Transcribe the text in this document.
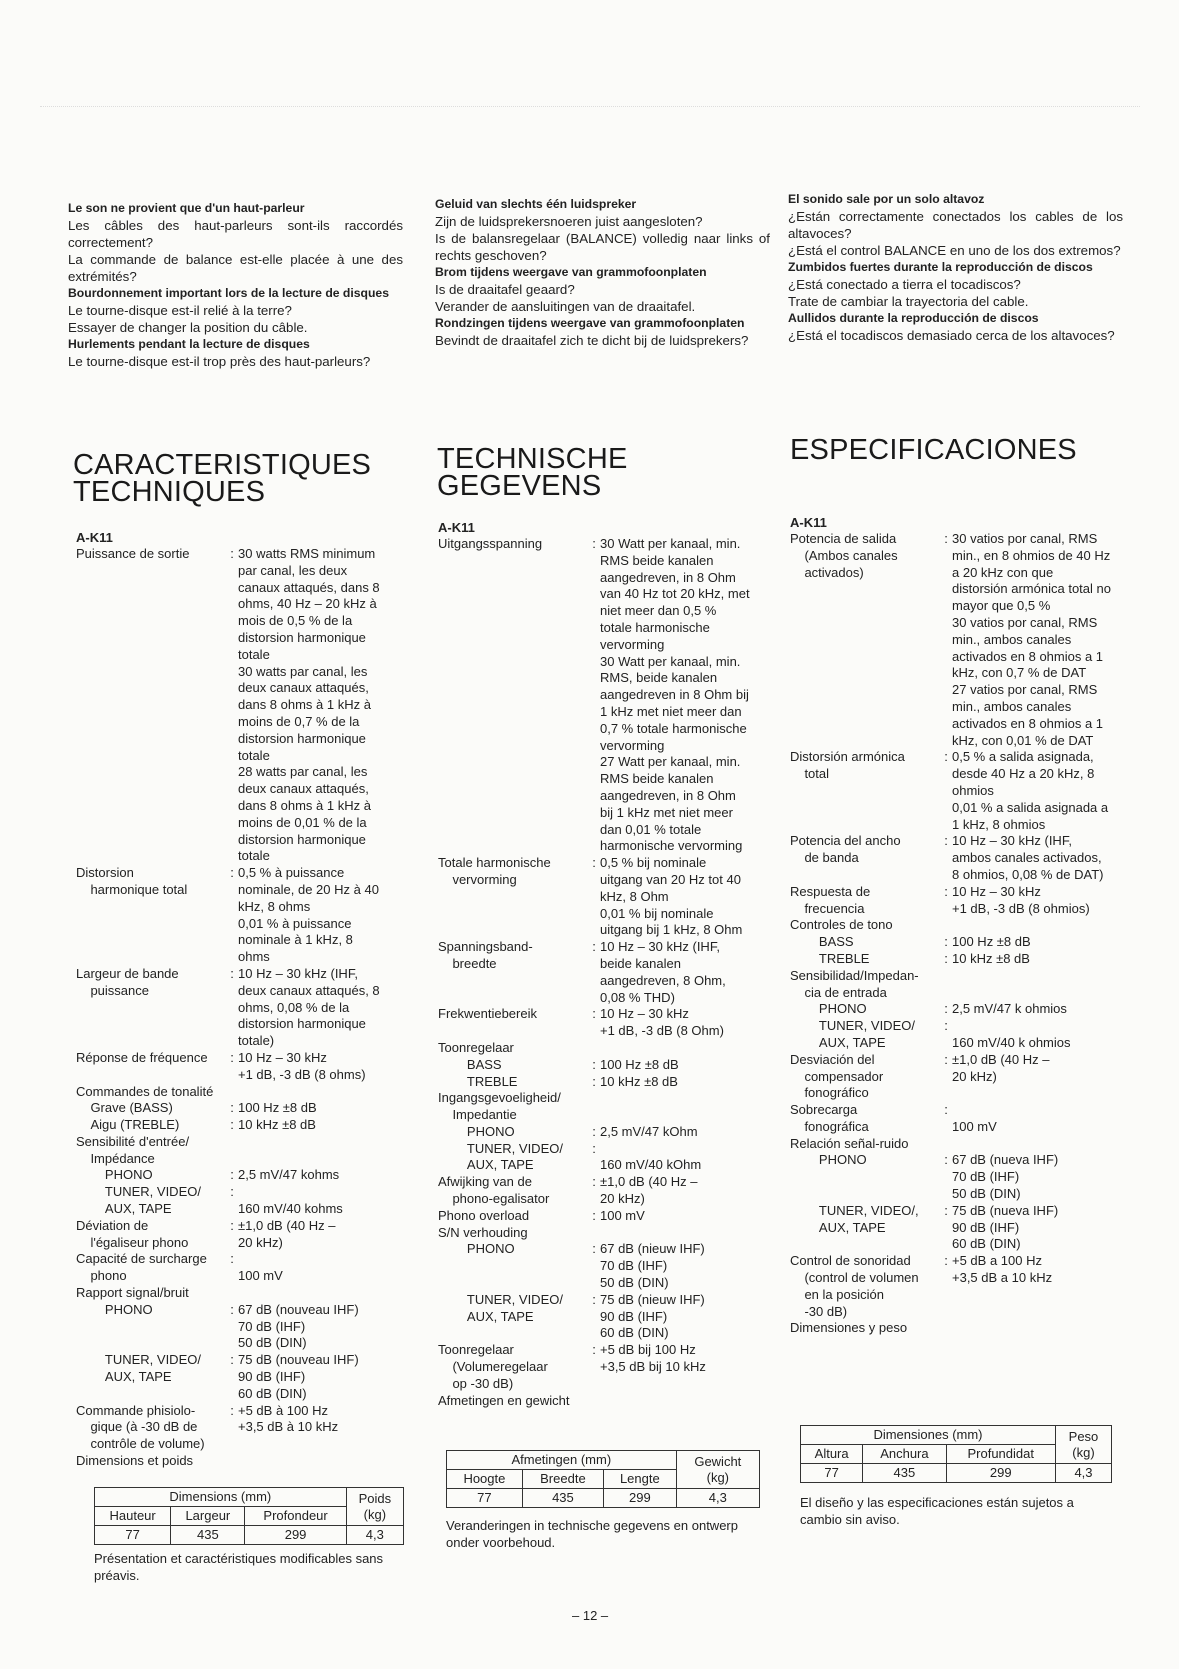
Le son ne provient que d'un haut-parleur
Les câbles des haut-parleurs sont-ils raccordés correctement?
La commande de balance est-elle placée à une des extrémités?
Bourdonnement important lors de la lecture de disques
Le tourne-disque est-il relié à la terre?
Essayer de changer la position du câble.
Hurlements pendant la lecture de disques
Le tourne-disque est-il trop près des haut-parleurs?
CARACTERISTIQUES
TECHNIQUES
A-K11
Puissance de sortie	: 30 watts RMS minimum par canal, les deux canaux attaqués, dans 8 ohms, 40 Hz – 20 kHz à mois de 0,5 % de la distorsion harmonique totale
30 watts par canal, les deux canaux attaqués, dans 8 ohms à 1 kHz à moins de 0,7 % de la distorsion harmonique totale
28 watts par canal, les deux canaux attaqués, dans 8 ohms à 1 kHz à moins de 0,01 % de la distorsion harmonique totale
Distorsion
harmonique total
: 0,5 % à puissance nominale, de 20 Hz à 40 kHz, 8 ohms
0,01 % à puissance nominale à 1 kHz, 8 ohms
Largeur de bande
puissance
: 10 Hz – 30 kHz (IHF, deux canaux attaqués, 8 ohms, 0,08 % de la distorsion harmonique totale)
Réponse de fréquence	: 10 Hz – 30 kHz
+1 dB, -3 dB (8 ohms)
Commandes de tonalité
Grave (BASS)	: 100 Hz ±8 dB
Aigu (TREBLE)	: 10 kHz ±8 dB
Sensibilité d'entrée/
Impédance
PHONO	: 2,5 mV/47 kohms
TUNER, VIDEO/
AUX, TAPE
:

160 mV/40 kohms
Déviation de
l'égaliseur phono
: ±1,0 dB (40 Hz –
20 kHz)
Capacité de surcharge
phono
:

100 mV
Rapport signal/bruit
PHONO	: 67 dB (nouveau IHF)
70 dB (IHF)
50 dB (DIN)
TUNER, VIDEO/
AUX, TAPE
: 75 dB (nouveau IHF)
90 dB (IHF)
60 dB (DIN)
Commande phisiolo-
gique (à -30 dB de
contrôle de volume)
: +5 dB à 100 Hz
+3,5 dB à 10 kHz
Dimensions et poids
Dimensions (mm)			Poids
(kg)
Hauteur	Largeur	Profondeur	
77	435	299	4,3
Présentation et caractéristiques modificables sans préavis.
Geluid van slechts één luidspreker
Zijn de luidsprekersnoeren juist aangesloten?
Is de balansregelaar (BALANCE) volledig naar links of rechts geschoven?
Brom tijdens weergave van grammofoonplaten
Is de draaitafel geaard?
Verander de aansluitingen van de draaitafel.
Rondzingen tijdens weergave van grammofoonplaten
Bevindt de draaitafel zich te dicht bij de luidsprekers?
TECHNISCHE
GEGEVENS
A-K11
Uitgangsspanning	: 30 Watt per kanaal, min. RMS beide kanalen aangedreven, in 8 Ohm van 40 Hz tot 20 kHz, met niet meer dan 0,5 % totale harmonische vervorming
30 Watt per kanaal, min. RMS, beide kanalen aangedreven in 8 Ohm bij 1 kHz met niet meer dan 0,7 % totale harmonische vervorming
27 Watt per kanaal, min. RMS beide kanalen aangedreven, in 8 Ohm bij 1 kHz met niet meer dan 0,01 % totale harmonische vervorming
Totale harmonische
vervorming
: 0,5 % bij nominale uitgang van 20 Hz tot 40 kHz, 8 Ohm
0,01 % bij nominale uitgang bij 1 kHz, 8 Ohm
Spanningsband-
breedte
: 10 Hz – 30 kHz (IHF, beide kanalen aangedreven, 8 Ohm, 0,08 % THD)
Frekwentiebereik	: 10 Hz – 30 kHz
+1 dB, -3 dB (8 Ohm)
Toonregelaar
BASS	: 100 Hz ±8 dB
TREBLE	: 10 kHz ±8 dB
Ingangsgevoeligheid/
Impedantie
PHONO	: 2,5 mV/47 kOhm
TUNER, VIDEO/
AUX, TAPE
:

160 mV/40 kOhm
Afwijking van de
phono-egalisator
: ±1,0 dB (40 Hz –
20 kHz)
Phono overload	: 100 mV
S/N verhouding
PHONO	: 67 dB (nieuw IHF)
70 dB (IHF)
50 dB (DIN)
TUNER, VIDEO/
AUX, TAPE
: 75 dB (nieuw IHF)
90 dB (IHF)
60 dB (DIN)
Toonregelaar
(Volumeregelaar
op -30 dB)
: +5 dB bij 100 Hz
+3,5 dB bij 10 kHz
Afmetingen en gewicht
Afmetingen (mm)			Gewicht
(kg)
Hoogte	Breedte	Lengte	
77	435	299	4,3
Veranderingen in technische gegevens en ontwerp onder voorbehoud.
El sonido sale por un solo altavoz
¿Están correctamente conectados los cables de los altavoces?
¿Está el control BALANCE en uno de los dos extremos?
Zumbidos fuertes durante la reproducción de discos
¿Está conectado a tierra el tocadiscos?
Trate de cambiar la trayectoria del cable.
Aullidos durante la reproducción de discos
¿Está el tocadiscos demasiado cerca de los altavoces?
ESPECIFICACIONES
A-K11
Potencia de salida
(Ambos canales
activados)
: 30 vatios por canal, RMS min., en 8 ohmios de 40 Hz a 20 kHz con que distorsión armónica total no mayor que 0,5 %
30 vatios por canal, RMS min., ambos canales activados en 8 ohmios a 1 kHz, con 0,7 % de DAT
27 vatios por canal, RMS min., ambos canales activados en 8 ohmios a 1 kHz, con 0,01 % de DAT
Distorsión armónica
total
: 0,5 % a salida asignada, desde 40 Hz a 20 kHz, 8 ohmios
0,01 % a salida asignada a 1 kHz, 8 ohmios
Potencia del ancho
de banda
: 10 Hz – 30 kHz (IHF, ambos canales activados, 8 ohmios, 0,08 % de DAT)
Respuesta de
frecuencia
: 10 Hz – 30 kHz
+1 dB, -3 dB (8 ohmios)
Controles de tono
BASS	: 100 Hz ±8 dB
TREBLE	: 10 kHz ±8 dB
Sensibilidad/Impedan-
cia de entrada
PHONO	: 2,5 mV/47 k ohmios
TUNER, VIDEO/
AUX, TAPE
:

160 mV/40 k ohmios
Desviación del
compensador
fonográfico
: ±1,0 dB (40 Hz –
20 kHz)
Sobrecarga
fonográfica
:

100 mV
Relación señal-ruido
PHONO	: 67 dB (nueva IHF)
70 dB (IHF)
50 dB (DIN)
TUNER, VIDEO/,
AUX, TAPE
: 75 dB (nueva IHF)
90 dB (IHF)
60 dB (DIN)
Control de sonoridad
(control de volumen
en la posición
-30 dB)
: +5 dB a 100 Hz
+3,5 dB a 10 kHz
Dimensiones y peso
Dimensiones (mm)			Peso
(kg)
Altura	Anchura	Profundidat	
77	435	299	4,3
El diseño y las especificaciones están sujetos a cambio sin aviso.
– 12 –
